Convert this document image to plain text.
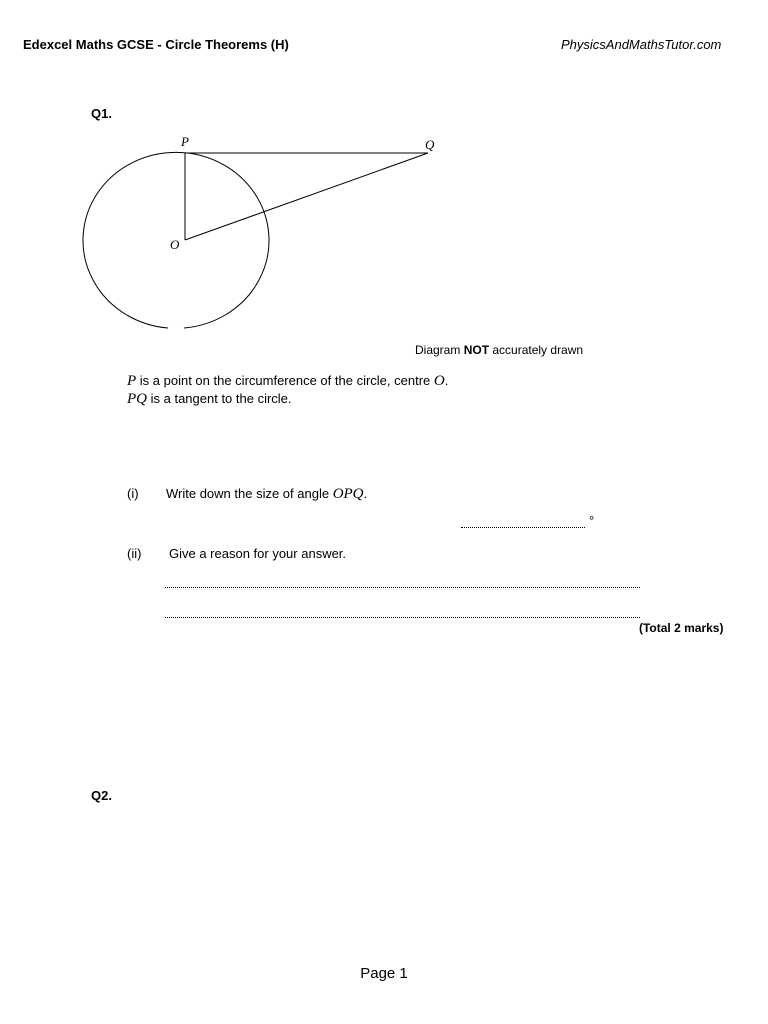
Edexcel Maths GCSE - Circle Theorems (H)	PhysicsAndMathsTutor.com
Q1.
P	Q
O
Diagram NOT accurately drawn
P is a point on the circumference of the circle, centre O.
PQ is a tangent to the circle.
(i) Write down the size of angle OPQ.
°
(ii) Give a reason for your answer.
(Total 2 marks)
Q2.
Page 1
